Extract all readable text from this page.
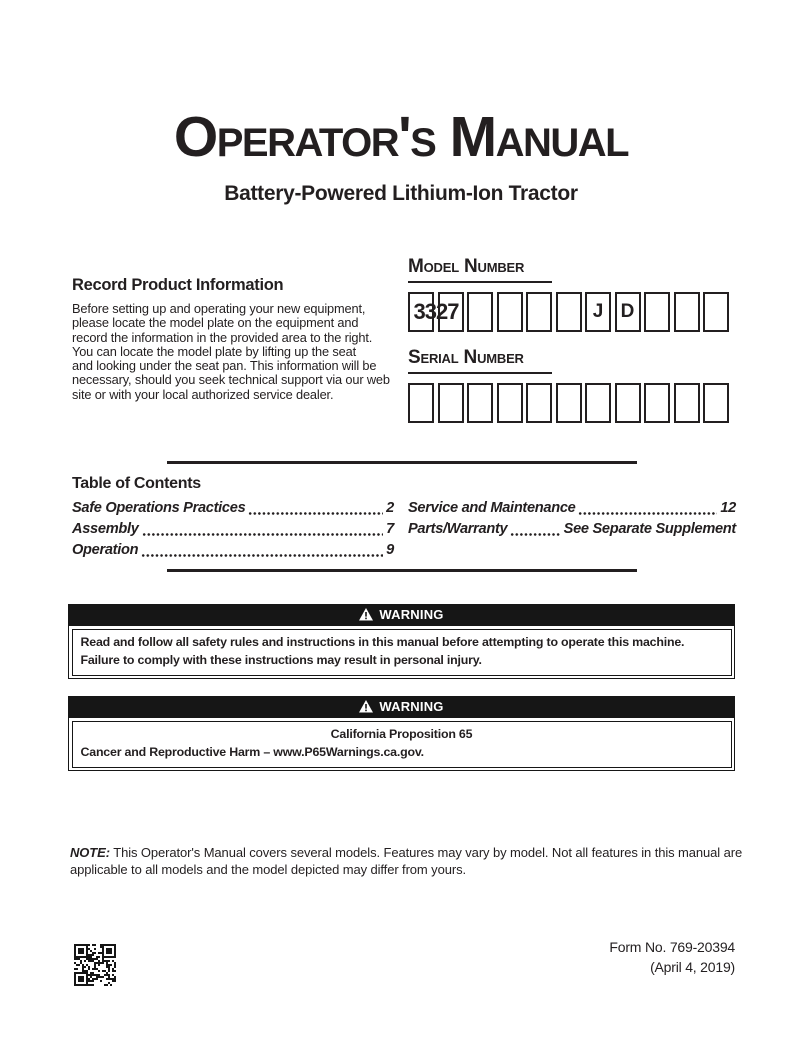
Operator's Manual
Battery-Powered Lithium-Ion Tractor
Record Product Information
Before setting up and operating your new equipment,
please locate the model plate on the equipment and
record the information in the provided area to the right.
You can locate the model plate by lifting up the seat
and looking under the seat pan. This information will be
necessary, should you seek technical support via our web
site or with your local authorized service dealer.
Model Number
J D
3327
Serial Number
Table of Contents
Safe Operations Practices	2
Assembly	7
Operation	9
Service and Maintenance	12
Parts/Warranty	See Separate Supplement
WARNING
Read and follow all safety rules and instructions in this manual before attempting to operate this machine.
Failure to comply with these instructions may result in personal injury.
WARNING
California Proposition 65
Cancer and Reproductive Harm – www.P65Warnings.ca.gov.
NOTE: This Operator's Manual covers several models. Features may vary by model. Not all features in this manual are applicable to all models and the model depicted may differ from yours.
Form No. 769-20394
(April 4, 2019)
